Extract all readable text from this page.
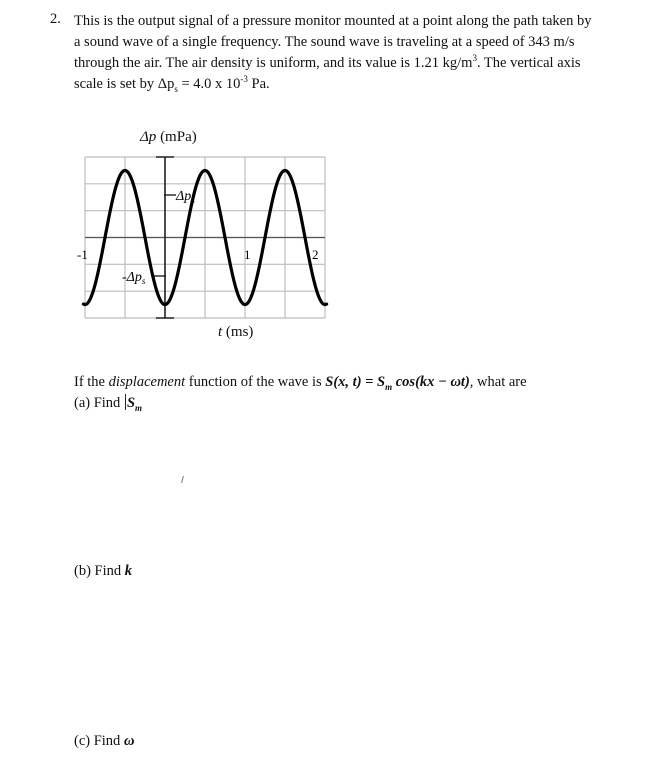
2. This is the output signal of a pressure monitor mounted at a point along the path taken by
a sound wave of a single frequency. The sound wave is traveling at a speed of 343 m/s
through the air. The air density is uniform, and its value is 1.21 $kg/m^3$. The vertical axis
scale is set by $\Delta p_s = 4.0$ x $10^{-3}$ Pa.
Δp (mPa)
$\Delta p_s$
$-\Delta p_s$
-1	1	2
t (ms)
If the displacement function of the wave is S(x, $t) = S_m$ cos(kx − ωt), what are
(a) Find $S_m$
(b) Find k
(c) Find ω
